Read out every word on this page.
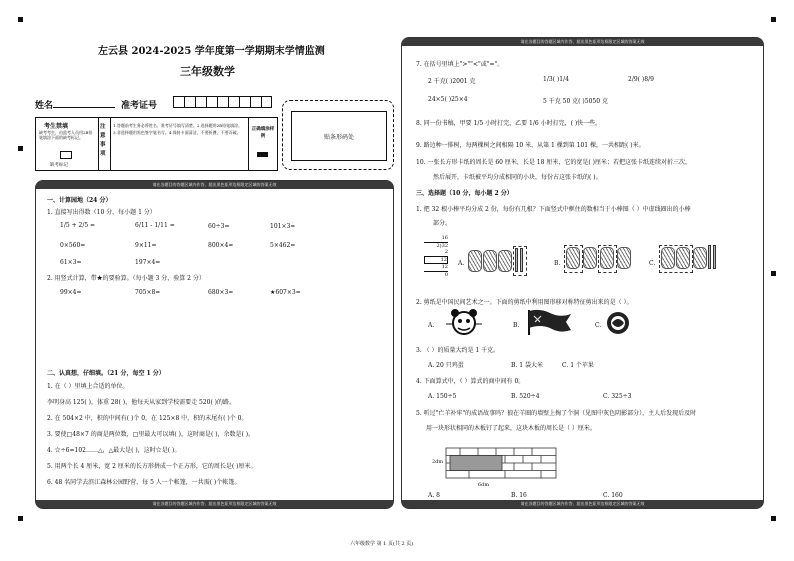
左云县 2024-2025 学年度第一学期期末学情监测
三年级数学
姓名	准考证号
贴条形码处
考生禁填
缺考考生，由监考人员用2B铅笔填涂下面的缺考标记。
缺考标记
注意事项
1.答题前考生务必将姓名、准考证号填写清楚。2.选择题用2B铅笔填涂。3.非选择题用黑色签字笔书写。4.保持卡面清洁，不要折叠、不要弄破。
正确填涂样例
请在各题目的答题区域内作答，超出黑色矩形边框限定区域的答案无效
请在各题目的答题区域内作答，超出黑色矩形边框限定区域的答案无效
一、计算园地（24 分）
1. 直接写出得数（10 分，每小题 1 分）
1/5 + 2/5 =	6/11 - 1/11 =	60÷3=	101×3=
0×560=	9×11=	800×4=	5×462=
61×3=	197×4=
2. 用竖式计算，带★的要验算。（每小题 3 分，验算 2 分）
99×4=	705×8=	680×3=	★607×3=
二、认真想，仔细填。（21 分，每空 1 分）
1. 在（ ）里填上合适的单位。
李明身高 125( )，体重 28( )，他每天从家到学校需要走 520( )的路。
2. 在 504×2 中，积的中间有( )个 0，在 125×8 中，积的末尾有( )个 0。
3. 要使□48×7 的商是两位数，□里最大可以填( )，这时商是( )，余数是( )。
4. ☆÷6=102……△，△最大是( )，这时☆是( )。
5. 用两个长 4 厘米，宽 2 厘米的长方形拼成一个正方形，它的周长是( )厘米。
6. 48 名同学去滨江森林公园野营，每 5 人一个帐篷，一共需( )个帐篷。
请在各题目的答题区域内作答，超出黑色矩形边框限定区域的答案无效
请在各题目的答题区域内作答，超出黑色矩形边框限定区域的答案无效
7. 在括号里填上">""<"或"="。
2 千克( )2001 克	1/3( )1/4	2/9( )8/9
24×5( )25×4	5 千克 50 克( )5050 克
8. 同一份书稿，甲要 1/5 小时打完，乙要 1/6 小时打完，( )快一些。
9. 路边种一排树，每两棵树之间相隔 10 米，从第 1 棵到第 101 棵，一共相距( )米。
10. 一张长方形卡纸的周长是 60 厘米，长是 18 厘米，它的宽是( )厘米；若把这张卡纸连续对折三次，
然后展开，卡纸被平均分成相同的小块，每份占这张卡纸的( )。
三、选择题（10 分，每小题 2 分）
1. 把 32 根小棒平均分成 2 份，每份有几根？下面竖式中框住的数相当于小棒图（ ）中虚线圈出的小棒
部分。
16
2)32
2
12
12
0
A.	B.	C.
2. 剪纸是中国民间艺术之一。下面的剪纸中利用图形移对称特征剪出来的是（ ）。
A.	B.	C.
3. （ ）的质量大约是 1 千克。
A. 20 只鸡蛋	B. 1 袋大米	C. 1 个苹果
4. 下面算式中，（ ）算式的商中间有 0。
A. 150÷5	B. 520÷4	C. 325÷3
5. 听过"亡羊补牢"的成语故事吗？狼在羊圈的墙壁上掏了个洞（见图中灰色阴影部分），主人后发现后及时
用一块形状相同的木板钉了起来，这块木板的周长是（ ）厘米。
2dm
6dm
A. 8	B. 16	C. 160
六年级数学 第 1 页(共 2 页)
